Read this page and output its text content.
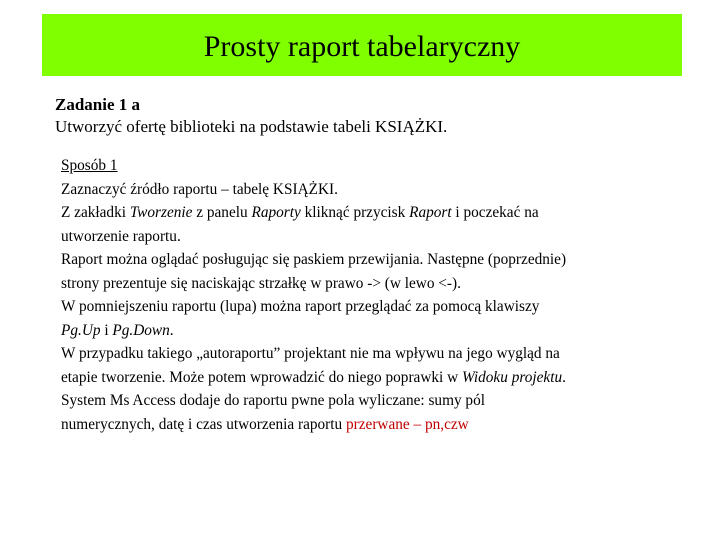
Prosty raport tabelaryczny
Zadanie 1 a
Utworzyć ofertę biblioteki na podstawie tabeli KSIĄŻKI.
Sposób 1
Zaznaczyć źródło raportu – tabelę KSIĄŻKI.
Z zakładki Tworzenie z panelu Raporty kliknąć przycisk Raport i poczekać na
utworzenie raportu.
Raport można oglądać posługując się paskiem przewijania. Następne (poprzednie)
strony prezentuje się naciskając strzałkę w prawo -> (w lewo <-).
W pomniejszeniu raportu (lupa) można raport przeglądać za pomocą klawiszy
Pg.Up i Pg.Down.
W przypadku takiego „autoraportu” projektant nie ma wpływu na jego wygląd na
etapie tworzenie. Może potem wprowadzić do niego poprawki w Widoku projektu.
System Ms Access dodaje do raportu pwne pola wyliczane: sumy pól
numerycznych, datę i czas utworzenia raportu przerwane – pn,czw
